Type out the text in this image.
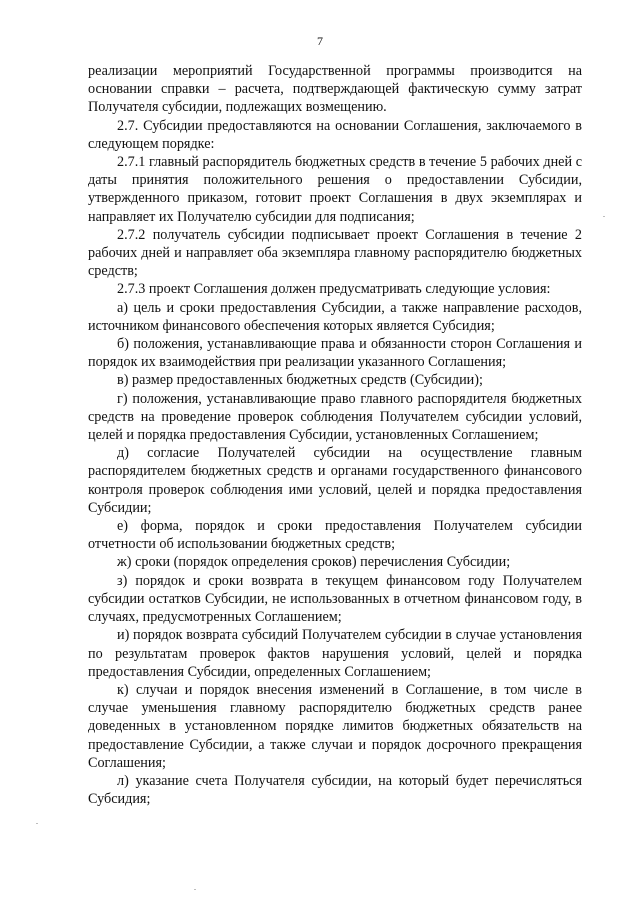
7

реализации мероприятий Государственной программы производится на основании справки – расчета, подтверждающей фактическую сумму затрат Получателя субсидии, подлежащих возмещению.

2.7. Субсидии предоставляются на основании Соглашения, заключаемого в следующем порядке:

2.7.1 главный распорядитель бюджетных средств в течение 5 рабочих дней с даты принятия положительного решения о предоставлении Субсидии, утвержденного приказом, готовит проект Соглашения в двух экземплярах и направляет их Получателю субсидии для подписания;

2.7.2 получатель субсидии подписывает проект Соглашения в течение 2 рабочих дней и направляет оба экземпляра главному распорядителю бюджетных средств;

2.7.3 проект Соглашения должен предусматривать следующие условия:

а) цель и сроки предоставления Субсидии, а также направление расходов, источником финансового обеспечения которых является Субсидия;

б) положения, устанавливающие права и обязанности сторон Соглашения и порядок их взаимодействия при реализации указанного Соглашения;

в) размер предоставленных бюджетных средств (Субсидии);

г) положения, устанавливающие право главного распорядителя бюджетных средств на проведение проверок соблюдения Получателем субсидии условий, целей и порядка предоставления Субсидии, установленных Соглашением;

д) согласие Получателей субсидии на осуществление главным распорядителем бюджетных средств и органами государственного финансового контроля проверок соблюдения ими условий, целей и порядка предоставления Субсидии;

е) форма, порядок и сроки предоставления Получателем субсидии отчетности об использовании бюджетных средств;

ж) сроки (порядок определения сроков) перечисления Субсидии;

з) порядок и сроки возврата в текущем финансовом году Получателем субсидии остатков Субсидии, не использованных в отчетном финансовом году, в случаях, предусмотренных Соглашением;

и) порядок возврата субсидий Получателем субсидии в случае установления по результатам проверок фактов нарушения условий, целей и порядка предоставления Субсидии, определенных Соглашением;

к) случаи и порядок внесения изменений в Соглашение, в том числе в случае уменьшения главному распорядителю бюджетных средств ранее доведенных в установленном порядке лимитов бюджетных обязательств на предоставление Субсидии, а также случаи и порядок досрочного прекращения Соглашения;

л) указание счета Получателя субсидии, на который будет перечисляться Субсидия;
